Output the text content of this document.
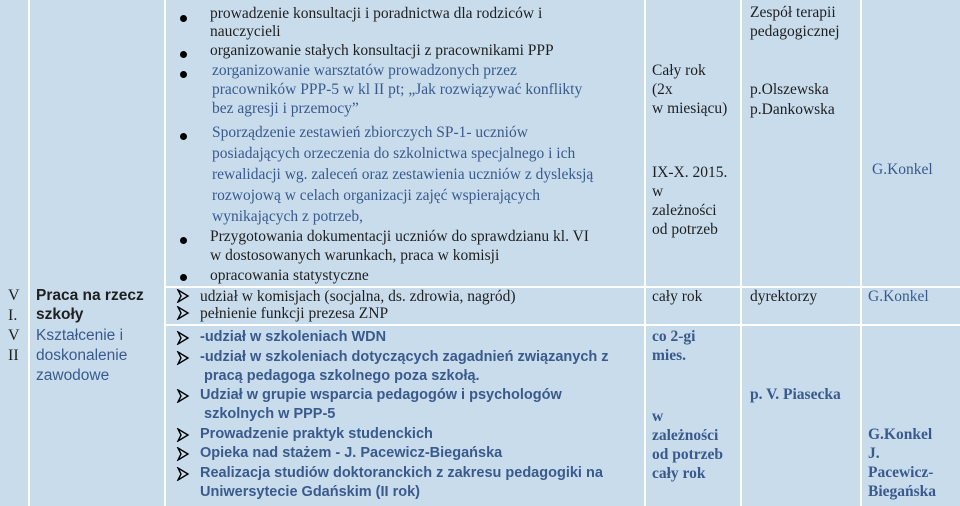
V
I.
V
II
Praca na rzecz
szkoły
Kształcenie i
doskonalenie
zawodowe
prowadzenie konsultacji i poradnictwa dla rodziców i
nauczycieli
organizowanie stałych konsultacji z pracownikami PPP
zorganizowanie warsztatów prowadzonych przez
pracowników PPP-5 w kl II pt; „Jak rozwiązywać konflikty
bez agresji i przemocy”
Sporządzenie zestawień zbiorczych SP-1- uczniów
posiadających orzeczenia do szkolnictwa specjalnego i ich
rewalidacji wg. zaleceń oraz zestawienia uczniów z dysleksją
rozwojową w celach organizacji zajęć wspierających
wynikających z potrzeb,
Przygotowania dokumentacji uczniów do sprawdzianu kl. VI
w dostosowanych warunkach, praca w komisji
opracowania statystyczne
Cały rok
(2x
w miesiącu)
IX-X. 2015.
w
zależności
od potrzeb
Zespół terapii
pedagogicznej
p.Olszewska
p.Dankowska
G.Konkel
udział w komisjach (socjalna, ds. zdrowia, nagród)
pełnienie funkcji prezesa ZNP
cały rok	dyrektorzy	G.Konkel
-udział w szkoleniach WDN
-udział w szkoleniach dotyczących zagadnień związanych z
pracą pedagoga szkolnego poza szkołą.
Udział w grupie wsparcia pedagogów i psychologów
szkolnych w PPP-5
Prowadzenie praktyk studenckich
Opieka nad stażem - J. Pacewicz-Biegańska
Realizacja studiów doktoranckich z zakresu pedagogiki na
Uniwersytecie Gdańskim (II rok)
co 2-gi
mies.
w
zależności
od potrzeb
cały rok
p. V. Piasecka
G.Konkel
J.
Pacewicz-
Biegańska
